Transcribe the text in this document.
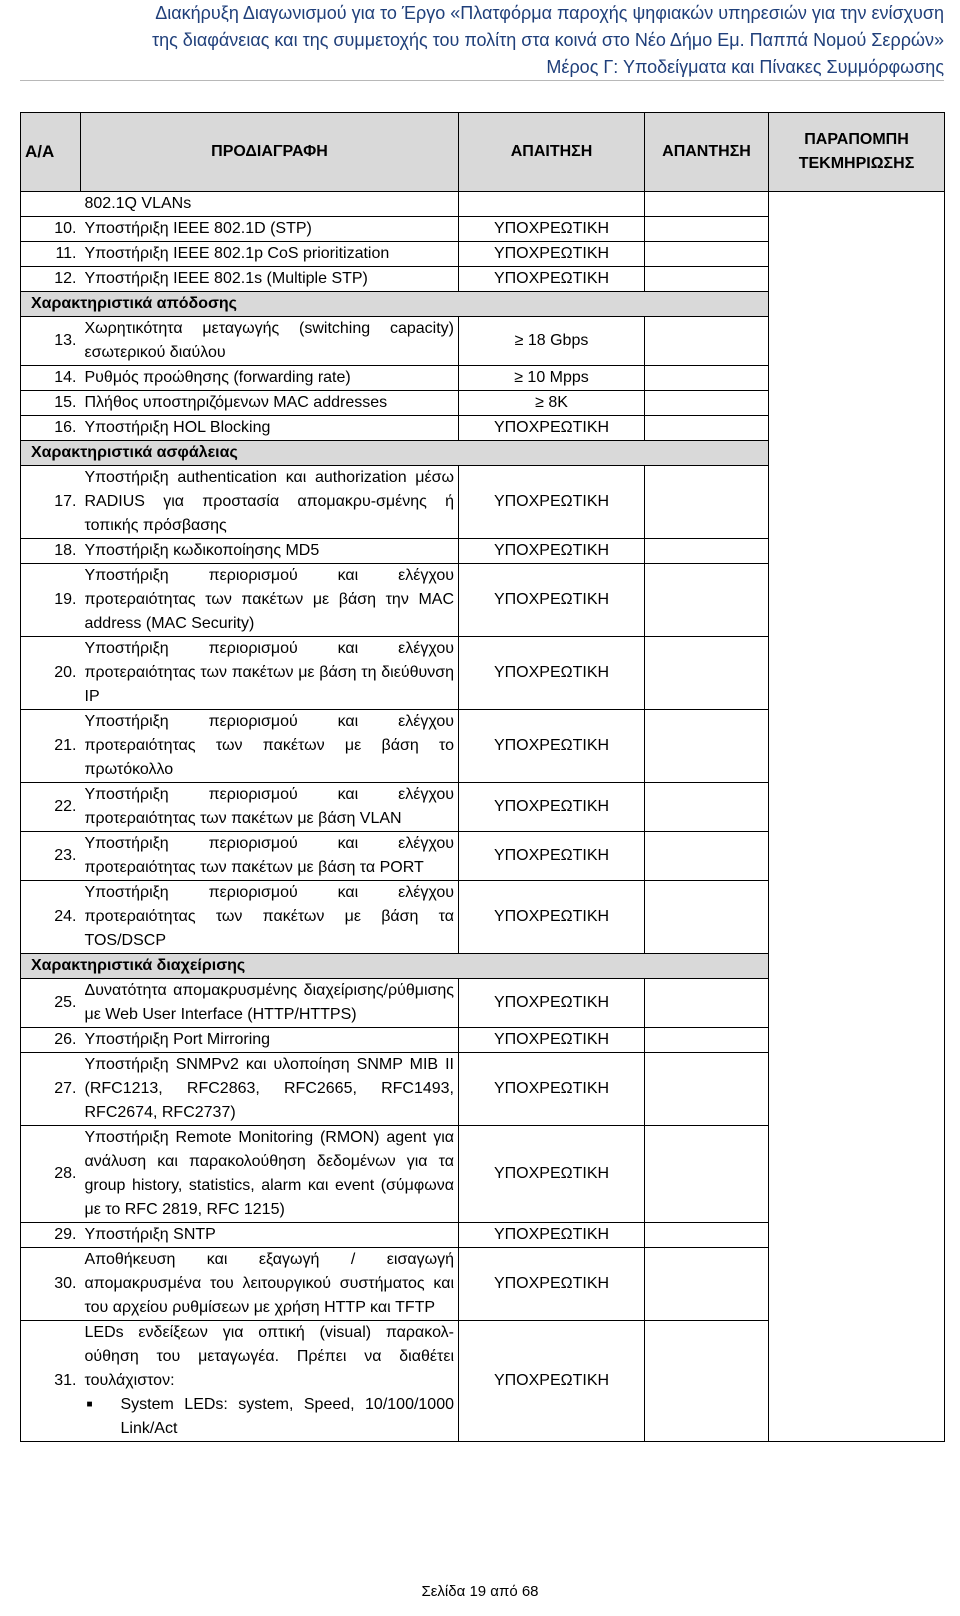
Διακήρυξη Διαγωνισμού για το Έργο «Πλατφόρμα παροχής ψηφιακών υπηρεσιών για την ενίσχυση
της διαφάνειας και της συμμετοχής του πολίτη στα κοινά στο Νέο Δήμο Εμ. Παππά Νομού Σερρών»
Μέρος Γ: Υποδείγματα και Πίνακες Συμμόρφωσης
Α/Α	ΠΡΟΔΙΑΓΡΑΦΗ	ΑΠΑΙΤΗΣΗ	ΑΠΑΝΤΗΣΗ	ΠΑΡΑΠΟΜΠΗ
ΤΕΚΜΗΡΙΩΣΗΣ
	802.1Q VLANs			
10.	Υποστήριξη IEEE 802.1D (STP)	ΥΠΟΧΡΕΩΤΙΚΗ		
11.	Υποστήριξη IEEE 802.1p CoS prioritization	ΥΠΟΧΡΕΩΤΙΚΗ		
12.	Υποστήριξη IEEE 802.1s (Multiple STP)	ΥΠΟΧΡΕΩΤΙΚΗ		
Χαρακτηριστικά απόδοσης				
13.	Χωρητικότητα μεταγωγής (switching capacity) εσωτερικού διαύλου	≥ 18 Gbps		
14.	Ρυθμός προώθησης (forwarding rate)	≥ 10 Mpps		
15.	Πλήθος υποστηριζόμενων MAC addresses	≥ 8K		
16.	Υποστήριξη HOL Blocking	ΥΠΟΧΡΕΩΤΙΚΗ		
Χαρακτηριστικά ασφάλειας				
17.	Υποστήριξη authentication και authorization μέσω RADIUS για προστασία απομακρυ-σμένης ή τοπικής πρόσβασης	ΥΠΟΧΡΕΩΤΙΚΗ		
18.	Υποστήριξη κωδικοποίησης MD5	ΥΠΟΧΡΕΩΤΙΚΗ		
19.	Υποστήριξη περιορισμού και ελέγχου προτεραιότητας των πακέτων με βάση την MAC address (MAC Security)	ΥΠΟΧΡΕΩΤΙΚΗ		
20.	Υποστήριξη περιορισμού και ελέγχου προτεραιότητας των πακέτων με βάση τη διεύθυνση IP	ΥΠΟΧΡΕΩΤΙΚΗ		
21.	Υποστήριξη περιορισμού και ελέγχου προτεραιότητας των πακέτων με βάση το πρωτόκολλο	ΥΠΟΧΡΕΩΤΙΚΗ		
22.	Υποστήριξη περιορισμού και ελέγχου προτεραιότητας των πακέτων με βάση VLAN	ΥΠΟΧΡΕΩΤΙΚΗ		
23.	Υποστήριξη περιορισμού και ελέγχου προτεραιότητας των πακέτων με βάση τα PORT	ΥΠΟΧΡΕΩΤΙΚΗ		
24.	Υποστήριξη περιορισμού και ελέγχου προτεραιότητας των πακέτων με βάση τα TOS/DSCP	ΥΠΟΧΡΕΩΤΙΚΗ		
Χαρακτηριστικά διαχείρισης				
25.	Δυνατότητα απομακρυσμένης διαχείρισης/ρύθμισης με Web User Interface (HTTP/HTTPS)	ΥΠΟΧΡΕΩΤΙΚΗ		
26.	Υποστήριξη Port Mirroring	ΥΠΟΧΡΕΩΤΙΚΗ		
27.	Υποστήριξη SNMPv2 και υλοποίηση SNMP MIB II (RFC1213, RFC2863, RFC2665, RFC1493, RFC2674, RFC2737)	ΥΠΟΧΡΕΩΤΙΚΗ		
28.	Υποστήριξη Remote Monitoring (RMON) agent για ανάλυση και παρακολούθηση δεδομένων για τα group history, statistics, alarm και event (σύμφωνα με το RFC 2819, RFC 1215)	ΥΠΟΧΡΕΩΤΙΚΗ		
29.	Υποστήριξη SNTP	ΥΠΟΧΡΕΩΤΙΚΗ		
30.	Αποθήκευση και εξαγωγή / εισαγωγή απομακρυσμένα του λειτουργικού συστήματος και του αρχείου ρυθμίσεων με χρήση HTTP και TFTP	ΥΠΟΧΡΕΩΤΙΚΗ		
31.	LEDs ενδείξεων για οπτική (visual) παρακολ-ούθηση του μεταγωγέα. Πρέπει να διαθέτει τουλάχιστον:
■ System LEDs: system, Speed, 10/100/1000 Link/Act	ΥΠΟΧΡΕΩΤΙΚΗ		
Σελίδα 19 από 68
